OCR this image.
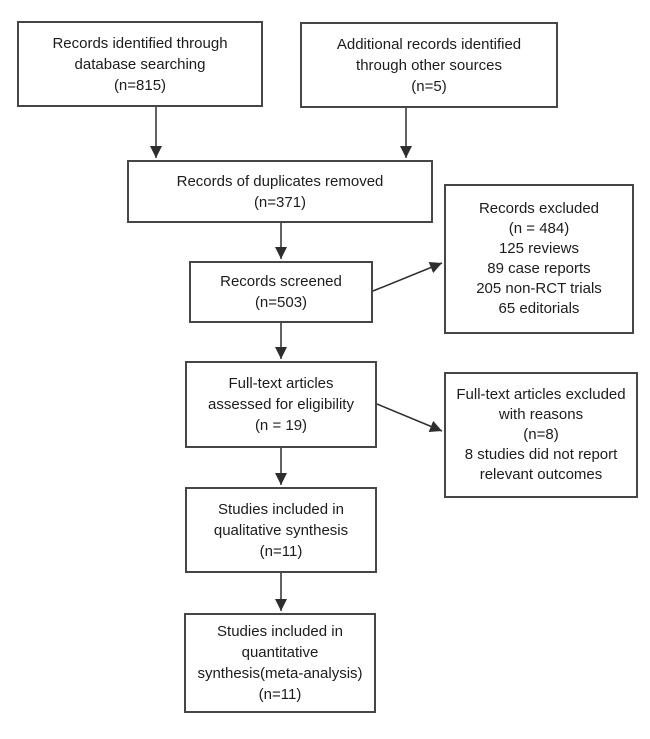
Records identified through
database searching
(n=815)
Additional records identified
through other sources
(n=5)
Records of duplicates removed
(n=371)
Records screened
(n=503)
Records excluded
(n = 484)
125 reviews
89 case reports
205 non-RCT trials
65 editorials
Full-text articles
assessed for eligibility
(n = 19)
Full-text articles excluded
with reasons
(n=8)
8 studies did not report
relevant outcomes
Studies included in
qualitative synthesis
(n=11)
Studies included in
quantitative
synthesis(meta-analysis)
(n=11)
